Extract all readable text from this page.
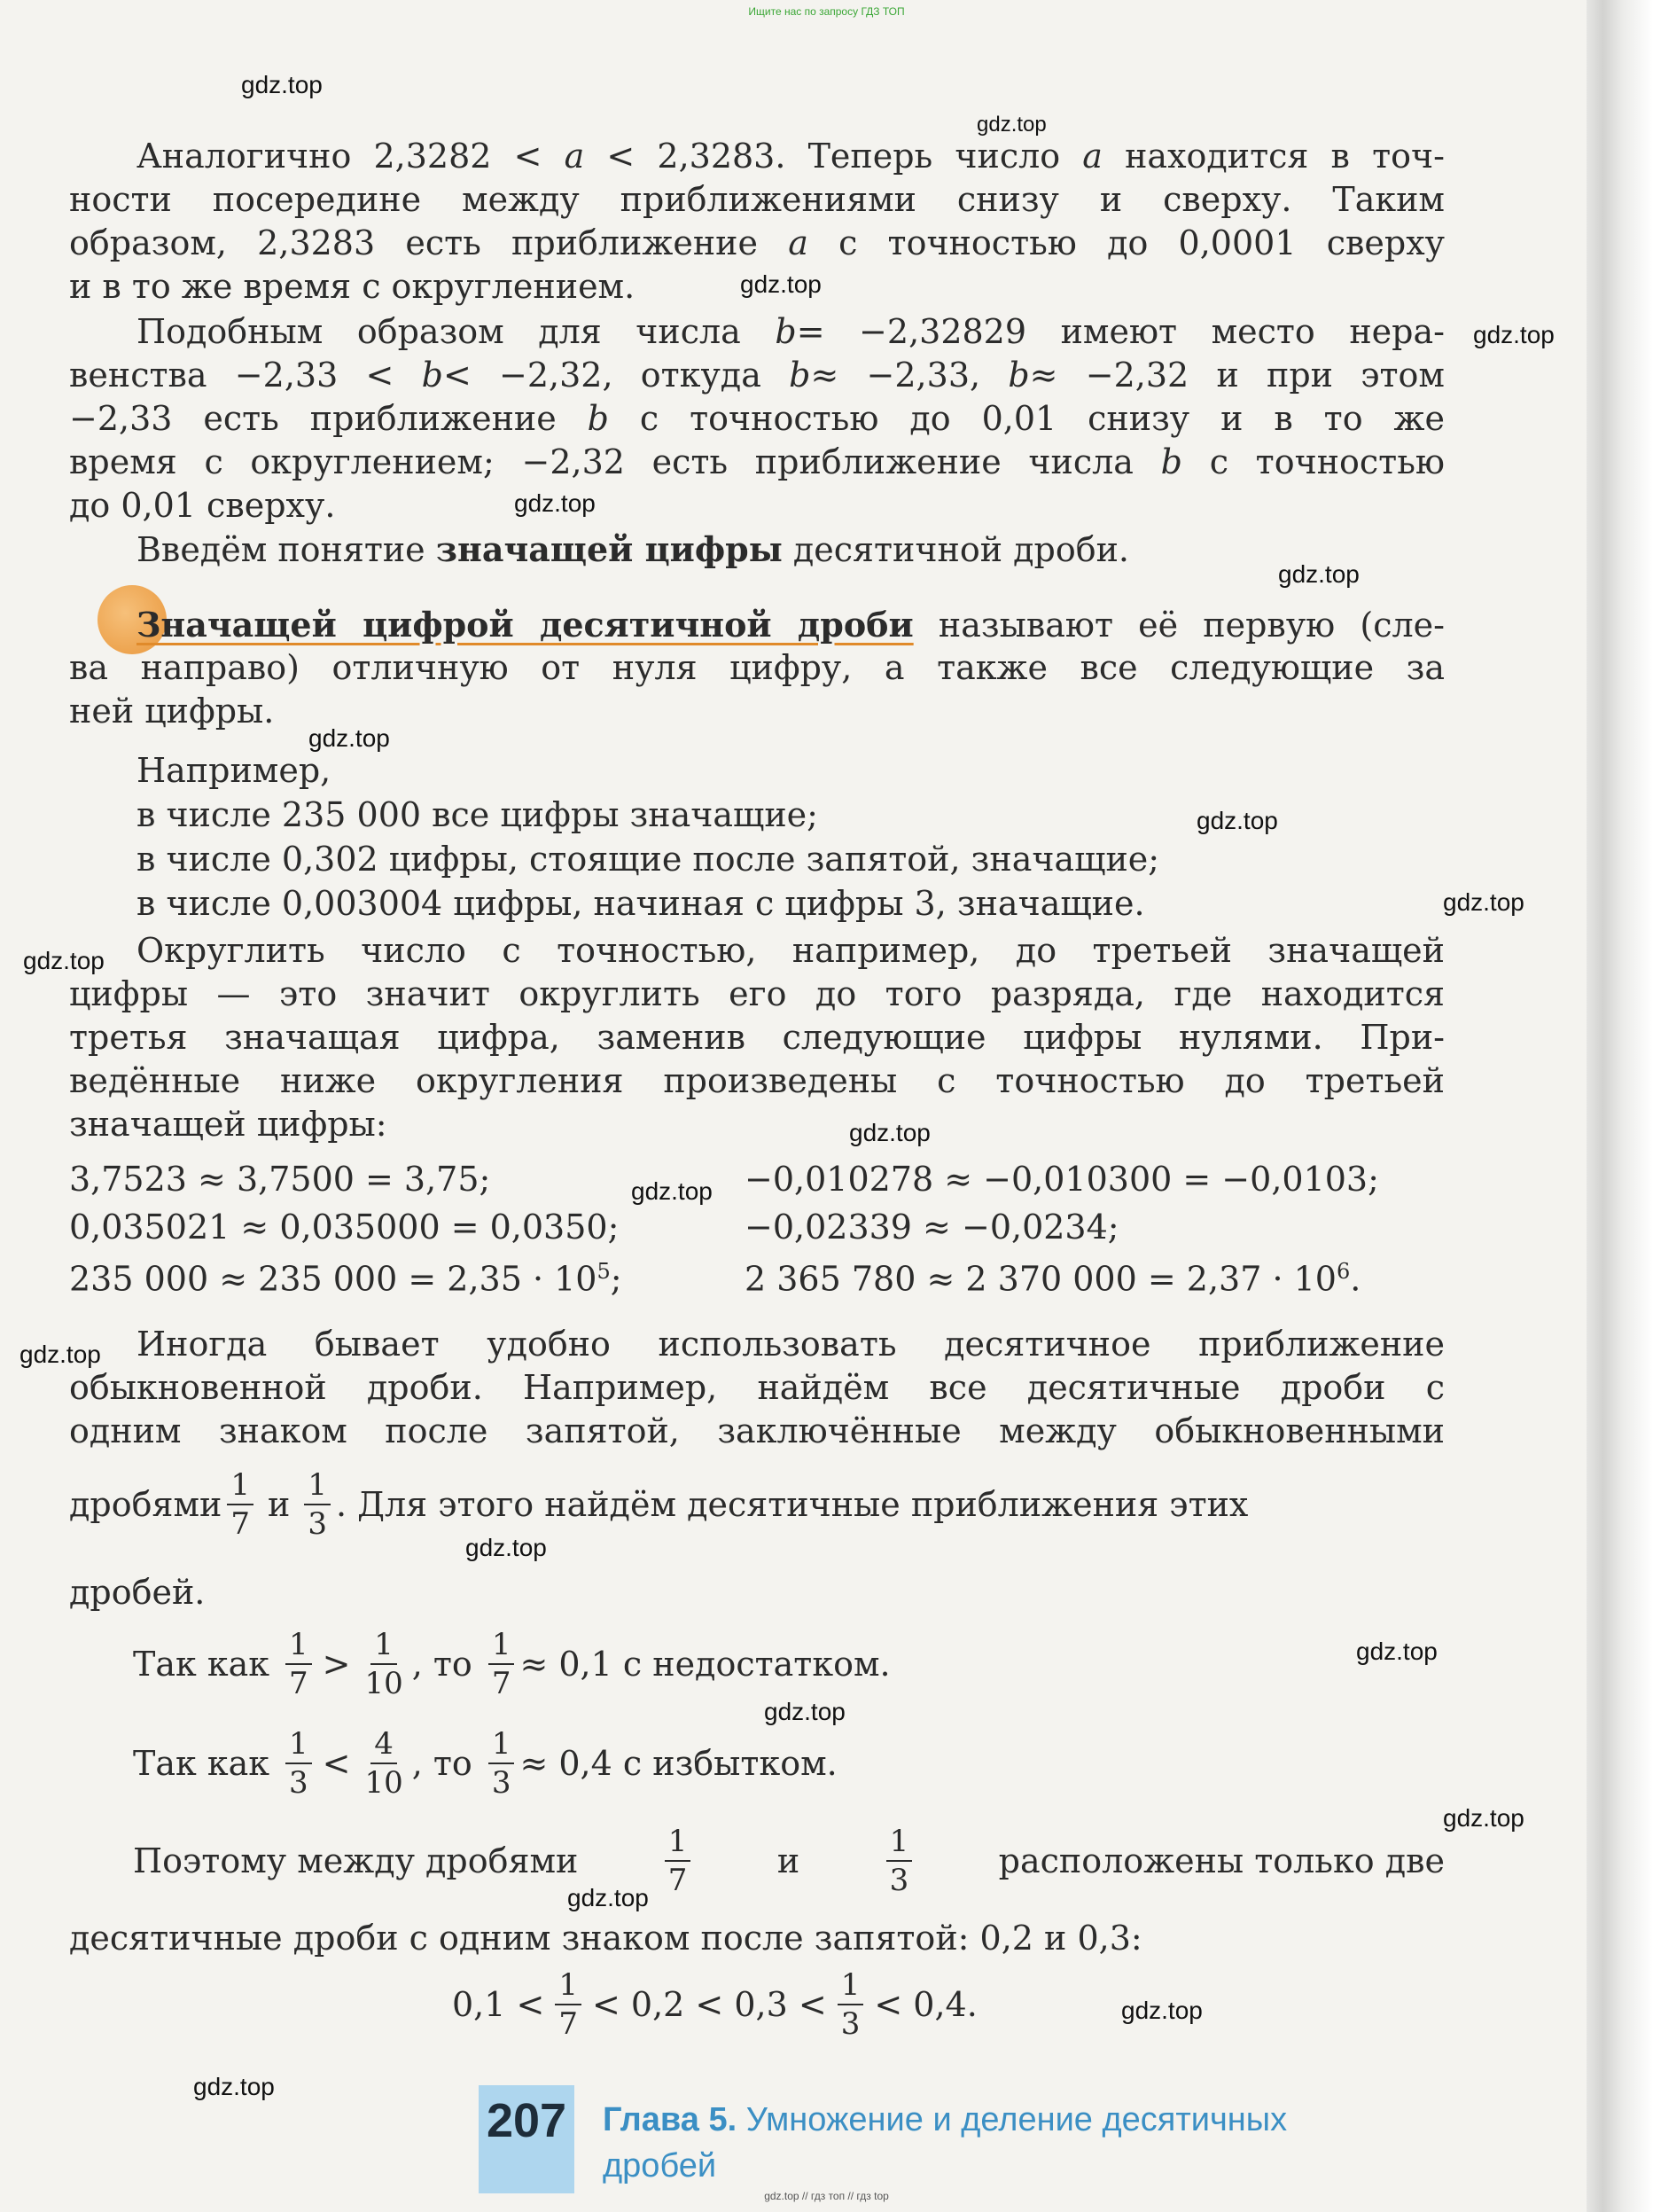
Ищите нас по запросу ГДЗ ТОП
gdz.top
gdz.top
gdz.top
gdz.top
gdz.top
gdz.top
gdz.top
gdz.top
gdz.top
gdz.top
gdz.top
gdz.top
gdz.top
gdz.top
gdz.top
gdz.top
gdz.top
gdz.top
gdz.top
gdz.top
Аналогично 2,3282 < a < 2,3283. Теперь число a находится в точ-
ности посередине между приближениями снизу и сверху. Таким
образом, 2,3283 есть приближение a с точностью до 0,0001 сверху
и в то же время с округлением.
Подобным образом для числа b= −2,32829 имеют место нера-
венства −2,33 < b< −2,32, откуда b≈ −2,33, b≈ −2,32 и при этом
−2,33 есть приближение b с точностью до 0,01 снизу и в то же
время с округлением; −2,32 есть приближение числа b с точностью
до 0,01 сверху.
Введём понятие значащей цифры десятичной дроби.
Значащей цифрой десятичной дроби называют её первую (сле-
ва направо) отличную от нуля цифру, а также все следующие за
ней цифры.
Например,
в числе 235 000 все цифры значащие;
в числе 0,302 цифры, стоящие после запятой, значащие;
в числе 0,003004 цифры, начиная с цифры 3, значащие.
Округлить число с точностью, например, до третьей значащей
цифры — это значит округлить его до того разряда, где находится
третья значащая цифра, заменив следующие цифры нулями. При-
ведённые ниже округления произведены с точностью до третьей
значащей цифры:
3,7523 ≈ 3,7500 = 3,75;	−0,010278 ≈ −0,010300 = −0,0103;
0,035021 ≈ 0,035000 = 0,0350;	−0,02339 ≈ −0,0234;
235 000 ≈ 235 $000 = 2,35 \cdot 10^5$;	2 365 780 ≈ 2 370 $000 = 2,37 \cdot 10^6$.
Иногда бывает удобно использовать десятичное приближение
обыкновенной дроби. Например, найдём все десятичные дроби с
одним знаком после запятой, заключённые между обыкновенными
дробями $\frac{1}{7}$ и $\frac{1}{3}$ . Для этого найдём десятичные приближения этих
дробей.
Так как $\frac{1}{7} > \frac{1}{10}$ , то $\frac{1}{7} \approx 0,1$ с недостатком.
Так как $\frac{1}{3} < \frac{4}{10}$ , то $\frac{1}{3} \approx 0,4$ с избытком.
Поэтому между дробями	$\frac{1}{7}$	и	$\frac{1}{3}$	расположены только две
десятичные дроби с одним знаком после запятой: 0,2 и 0,3:
$0,1 < \frac{1}{7} < 0,2 < 0,3 < \frac{1}{3} < 0,4$.
207 Глава 5. Умножение и деление десятичных
дробей
gdz.top // гдз топ // гдз top
